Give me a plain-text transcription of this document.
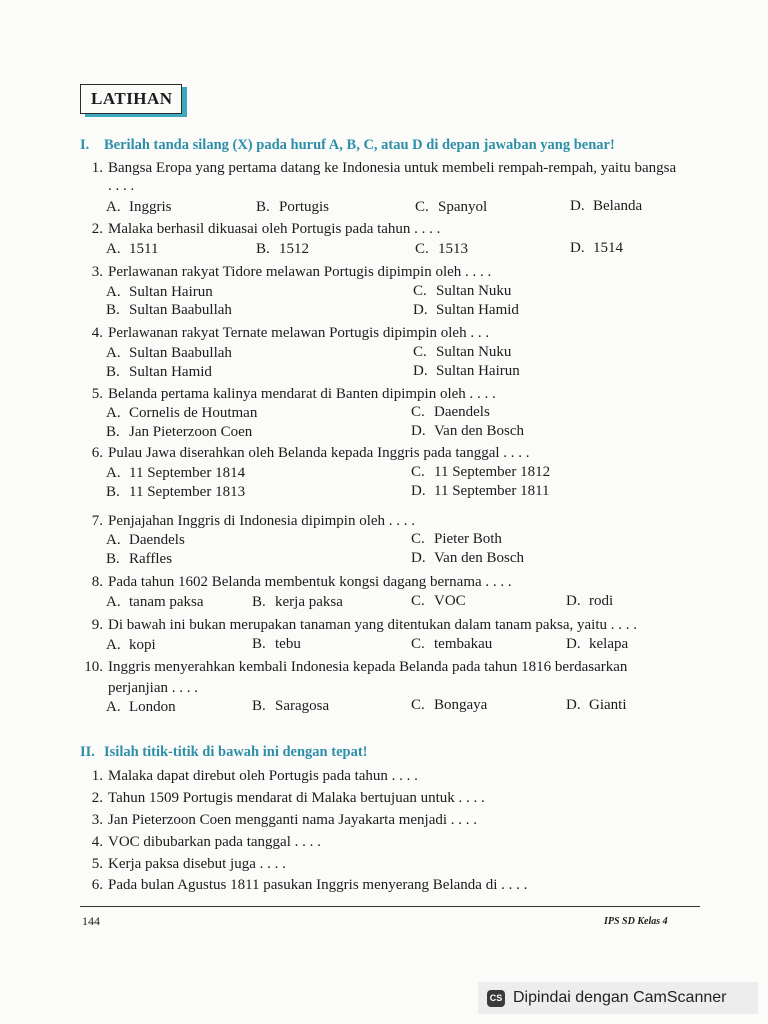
LATIHAN
I. Berilah tanda silang (X) pada huruf A, B, C, atau D di depan jawaban yang benar!
1. Bangsa Eropa yang pertama datang ke Indonesia untuk membeli rempah-rempah, yaitu bangsa
. . . .
A. Inggris	B. Portugis	C. Spanyol	D. Belanda
2. Malaka berhasil dikuasai oleh Portugis pada tahun . . . .
A. 1511	B. 1512	C. 1513	D. 1514
3. Perlawanan rakyat Tidore melawan Portugis dipimpin oleh . . . .
A. Sultan Hairun
B. Sultan Baabullah
C. Sultan Nuku
D. Sultan Hamid
4. Perlawanan rakyat Ternate melawan Portugis dipimpin oleh . . .
A. Sultan Baabullah
B. Sultan Hamid
C. Sultan Nuku
D. Sultan Hairun
5. Belanda pertama kalinya mendarat di Banten dipimpin oleh . . . .
A. Cornelis de Houtman
B. Jan Pieterzoon Coen
C. Daendels
D. Van den Bosch
6. Pulau Jawa diserahkan oleh Belanda kepada Inggris pada tanggal . . . .
A. 11 September 1814
B. 11 September 1813
C. 11 September 1812
D. 11 September 1811
7. Penjajahan Inggris di Indonesia dipimpin oleh . . . .
A. Daendels
B. Raffles
C. Pieter Both
D. Van den Bosch
8. Pada tahun 1602 Belanda membentuk kongsi dagang bernama . . . .
A. tanam paksa	B. kerja paksa	C. VOC	D. rodi
9. Di bawah ini bukan merupakan tanaman yang ditentukan dalam tanam paksa, yaitu . . . .
A. kopi	B. tebu	C. tembakau	D. kelapa
10. Inggris menyerahkan kembali Indonesia kepada Belanda pada tahun 1816 berdasarkan
perjanjian . . . .
A. London	B. Saragosa	C. Bongaya	D. Gianti
II. Isilah titik-titik di bawah ini dengan tepat!
1. Malaka dapat direbut oleh Portugis pada tahun . . . .
2. Tahun 1509 Portugis mendarat di Malaka bertujuan untuk . . . .
3. Jan Pieterzoon Coen mengganti nama Jayakarta menjadi . . . .
4. VOC dibubarkan pada tanggal . . . .
5. Kerja paksa disebut juga . . . .
6. Pada bulan Agustus 1811 pasukan Inggris menyerang Belanda di . . . .
144	IPS SD Kelas 4
CS Dipindai dengan CamScanner
